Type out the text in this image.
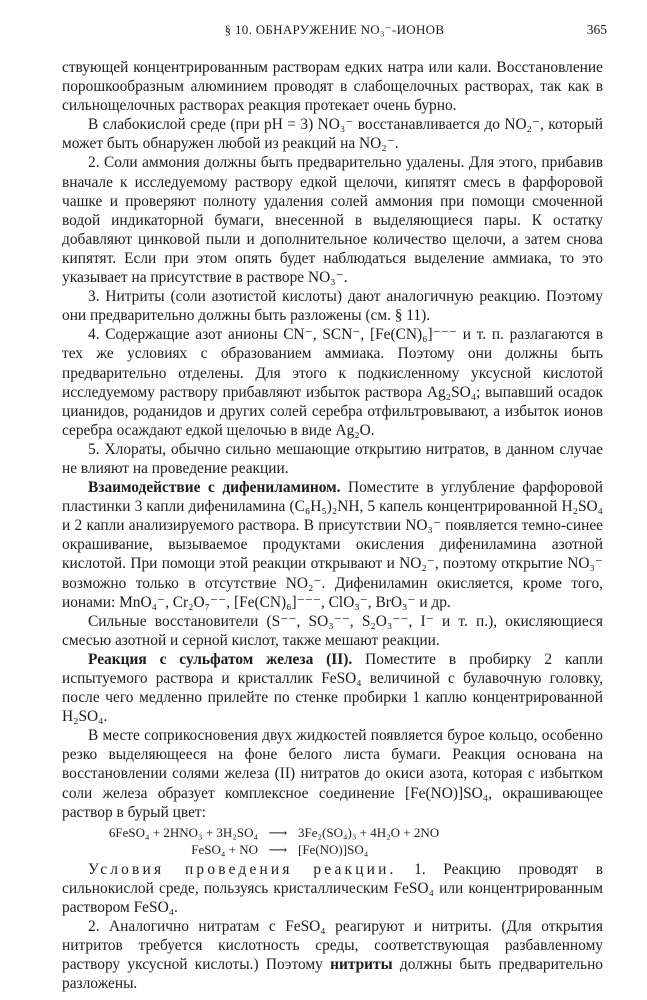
§ 10. ОБНАРУЖЕНИЕ NO₃⁻-ИОНОВ	365

ствующей концентрированным растворам едких натра или кали. Восстановление порошкообразным алюминием проводят в слабощелочных растворах, так как в сильнощелочных растворах реакция протекает очень бурно.

В слабокислой среде (при pH = 3) NO₃⁻ восстанавливается до NO₂⁻, который может быть обнаружен любой из реакций на NO₂⁻.

2. Соли аммония должны быть предварительно удалены. Для этого, прибавив вначале к исследуемому раствору едкой щелочи, кипятят смесь в фарфоровой чашке и проверяют полноту удаления солей аммония при помощи смоченной водой индикаторной бумаги, внесенной в выделяющиеся пары. К остатку добавляют цинковой пыли и дополнительное количество щелочи, а затем снова кипятят. Если при этом опять будет наблюдаться выделение аммиака, то это указывает на присутствие в растворе NO₃⁻.

3. Нитриты (соли азотистой кислоты) дают аналогичную реакцию. Поэтому они предварительно должны быть разложены (см. § 11).

4. Содержащие азот анионы CN⁻, SCN⁻, [Fe(CN)₆]⁻⁻⁻ и т. п. разлагаются в тех же условиях с образованием аммиака. Поэтому они должны быть предварительно отделены. Для этого к подкисленному уксусной кислотой исследуемому раствору прибавляют избыток раствора Ag₂SO₄; выпавший осадок цианидов, роданидов и других солей серебра отфильтровывают, а избыток ионов серебра осаждают едкой щелочью в виде Ag₂O.

5. Хлораты, обычно сильно мешающие открытию нитратов, в данном случае не влияют на проведение реакции.

Взаимодействие с дифениламином. Поместите в углубление фарфоровой пластинки 3 капли дифениламина (C₆H₅)₂NH, 5 капель концентрированной H₂SO₄ и 2 капли анализируемого раствора. В присутствии NO₃⁻ появляется темно-синее окрашивание, вызываемое продуктами окисления дифениламина азотной кислотой. При помощи этой реакции открывают и NO₂⁻, поэтому открытие NO₃⁻ возможно только в отсутствие NO₂⁻. Дифениламин окисляется, кроме того, ионами: MnO₄⁻, Cr₂O₇⁻⁻, [Fe(CN)₆]⁻⁻⁻, ClO₃⁻, BrO₃⁻ и др.

Сильные восстановители (S⁻⁻, SO₃⁻⁻, S₂O₃⁻⁻, I⁻ и т. п.), окисляющиеся смесью азотной и серной кислот, также мешают реакции.

Реакция с сульфатом железа (II). Поместите в пробирку 2 капли испытуемого раствора и кристаллик FeSO₄ величиной с булавочную головку, после чего медленно прилейте по стенке пробирки 1 каплю концентрированной H₂SO₄.

В месте соприкосновения двух жидкостей появляется бурое кольцо, особенно резко выделяющееся на фоне белого листа бумаги. Реакция основана на восстановлении солями железа (II) нитратов до окиси азота, которая с избытком соли железа образует комплексное соединение [Fe(NO)]SO₄, окрашивающее раствор в бурый цвет:

6FeSO₄ + 2HNO₃ + 3H₂SO₄ ⟶ 3Fe₂(SO₄)₃ + 4H₂O + 2NO
FeSO₄ + NO ⟶ [Fe(NO)]SO₄

Условия проведения реакции. 1. Реакцию проводят в сильнокислой среде, пользуясь кристаллическим FeSO₄ или концентрированным раствором FeSO₄.

2. Аналогично нитратам с FeSO₄ реагируют и нитриты. (Для открытия нитритов требуется кислотность среды, соответствующая разбавленному раствору уксусной кислоты.) Поэтому нитриты должны быть предварительно разложены.
